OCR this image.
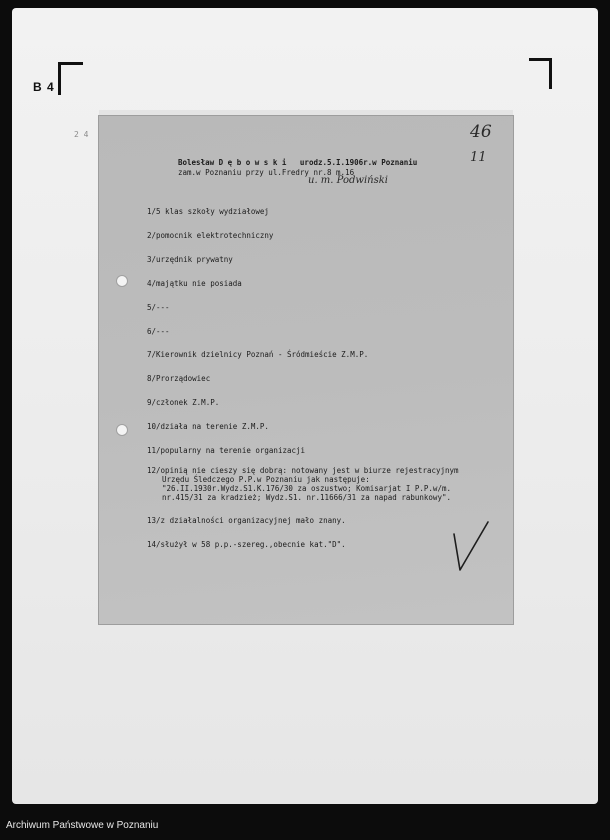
B 4
2 4
Bolesław D ę b o w s k i   urodz.5.I.1906r.w Poznaniu
zam.w Poznaniu przy ul.Fredry nr.8 m.16
u. m. Podwiński
46
11
1/5 klas szkoły wydziałowej
2/pomocnik elektrotechniczny
3/urzędnik prywatny
4/majątku nie posiada
5/---
6/---
7/Kierownik dzielnicy Poznań - Śródmieście Z.M.P.
8/Prorządowiec
9/członek Z.M.P.
10/działa na terenie Z.M.P.
11/popularny na terenie organizacji
12/opinią nie cieszy się dobrą: notowany jest w biurze rejestracyjnym
Urzędu Śledczego P.P.w Poznaniu jak następuje:
"26.II.1930r.Wydz.S1.K.176/30 za oszustwo; Komisarjat I P.P.w/m.
nr.415/31 za kradzież; Wydz.S1. nr.11666/31 za napad rabunkowy".
13/z działalności organizacyjnej mało znany.
14/służył w 58 p.p.-szereg.,obecnie kat."D".
Archiwum Państwowe w Poznaniu
